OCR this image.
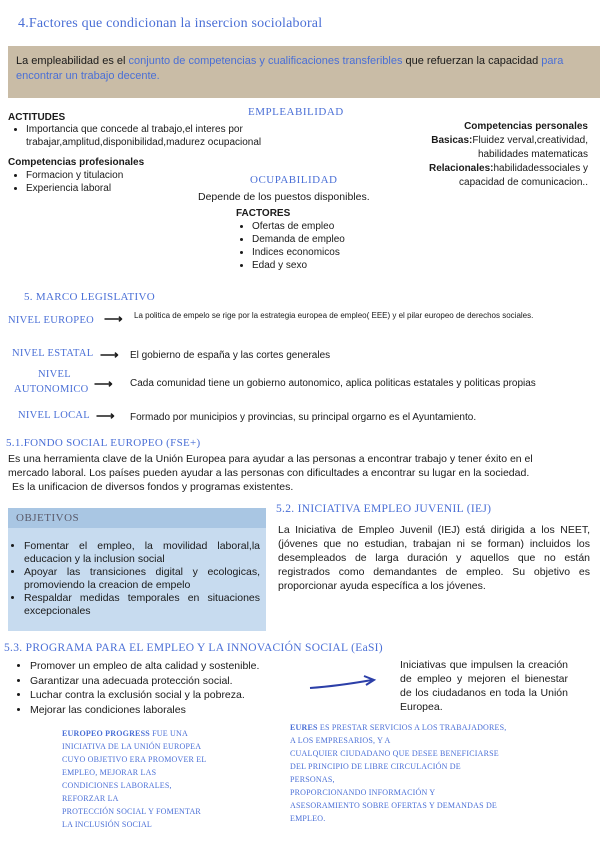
4.Factores que condicionan la insercion sociolaboral
La empleabilidad es el conjunto de competencias y cualificaciones transferibles que refuerzan la capacidad para encontrar un trabajo decente.
EMPLEABILIDAD
ACTITUDES
• Importancia que concede al trabajo,el interes por trabajar,amplitud,disponibilidad,madurez ocupacional
Competencias profesionales
• Formacion y titulacion
• Experiencia laboral
Competencias personales
Basicas:Fluidez verval,creatividad,
habilidades matematicas
Relacionales:habilidadessociales y
capacidad de comunicacion..
OCUPABILIDAD
Depende de los puestos disponibles.
FACTORES
• Ofertas de empleo
• Demanda de empleo
• Indices economicos
• Edad y sexo
5. MARCO LEGISLATIVO
NIVEL EUROPEO ⟶ La politica de empelo se rige por la estrategia europea de empleo( EEE) y el pilar europeo de derechos sociales.
NIVEL ESTATAL ⟶ El gobierno de españa y las cortes generales
NIVEL
AUTONOMICO ⟶ Cada comunidad tiene un gobierno autonomico, aplica politicas estatales y politicas propias
NIVEL LOCAL ⟶ Formado por municipios y provincias, su principal orgarno es el Ayuntamiento.
5.1.FONDO SOCIAL EUROPEO (FSE+)
Es una herramienta clave de la Unión Europea para ayudar a las personas a encontrar trabajo y tener éxito en el
mercado laboral. Los países pueden ayudar a las personas con dificultades a encontrar su lugar en la sociedad.
Es la unificacion de diversos fondos y programas existentes.
OBJETIVOS
• Fomentar el empleo, la movilidad laboral,la educacion y la inclusion social
• Apoyar las transiciones digital y ecologicas, promoviendo la creacion de empelo
• Respaldar medidas temporales en situaciones excepcionales
5.2. INICIATIVA EMPLEO JUVENIL (IEJ)
La Iniciativa de Empleo Juvenil (IEJ) está dirigida a los NEET, (jóvenes que no estudian, trabajan ni se forman) incluidos los desempleados de larga duración y aquellos que no están registrados como demandantes de empleo. Su objetivo es proporcionar ayuda específica a los jóvenes.
5.3. PROGRAMA PARA EL EMPLEO Y LA INNOVACIÓN SOCIAL (EaSI)
• Promover un empleo de alta calidad y sostenible.
• Garantizar una adecuada protección social.
• Luchar contra la exclusión social y la pobreza.
• Mejorar las condiciones laborales
Iniciativas que impulsen la creación de empleo y mejoren el bienestar de los ciudadanos en toda la Unión Europea.
EUROPEO PROGRESS FUE UNA
INICIATIVA DE LA UNIÓN EUROPEA
CUYO OBJETIVO ERA PROMOVER EL
EMPLEO, MEJORAR LAS
CONDICIONES LABORALES,
REFORZAR LA
PROTECCIÓN SOCIAL Y FOMENTAR
LA INCLUSIÓN SOCIAL
EURES ES PRESTAR SERVICIOS A LOS TRABAJADORES,
A LOS EMPRESARIOS, Y A
CUALQUIER CIUDADANO QUE DESEE BENEFICIARSE
DEL PRINCIPIO DE LIBRE CIRCULACIÓN DE
PERSONAS,
PROPORCIONANDO INFORMACIÓN Y
ASESORAMIENTO SOBRE OFERTAS Y DEMANDAS DE
EMPLEO.
